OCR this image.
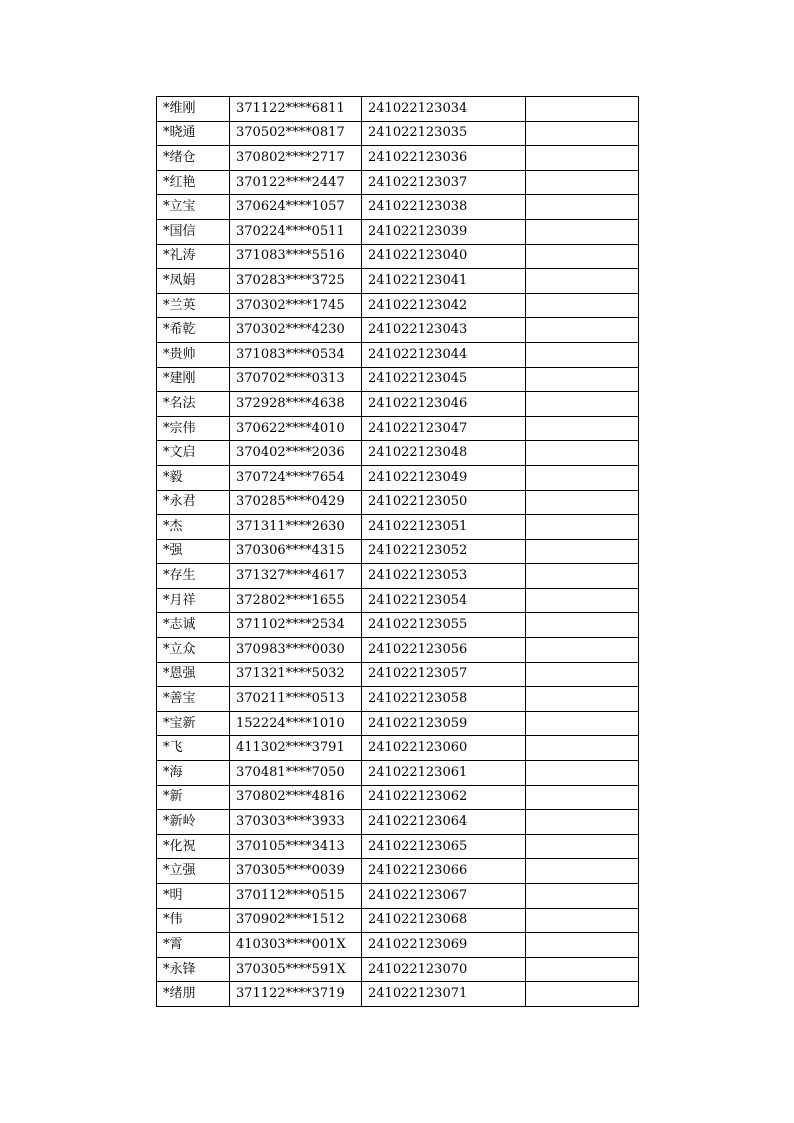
*维刚	371122****6811	241022123034	
*晓通	370502****0817	241022123035	
*绪仓	370802****2717	241022123036	
*红艳	370122****2447	241022123037	
*立宝	370624****1057	241022123038	
*国信	370224****0511	241022123039	
*礼涛	371083****5516	241022123040	
*凤娟	370283****3725	241022123041	
*兰英	370302****1745	241022123042	
*希乾	370302****4230	241022123043	
*贵帅	371083****0534	241022123044	
*建刚	370702****0313	241022123045	
*名法	372928****4638	241022123046	
*宗伟	370622****4010	241022123047	
*文启	370402****2036	241022123048	
*毅	370724****7654	241022123049	
*永君	370285****0429	241022123050	
*杰	371311****2630	241022123051	
*强	370306****4315	241022123052	
*存生	371327****4617	241022123053	
*月祥	372802****1655	241022123054	
*志诚	371102****2534	241022123055	
*立众	370983****0030	241022123056	
*恩强	371321****5032	241022123057	
*善宝	370211****0513	241022123058	
*宝新	152224****1010	241022123059	
*飞	411302****3791	241022123060	
*海	370481****7050	241022123061	
*新	370802****4816	241022123062	
*新岭	370303****3933	241022123064	
*化祝	370105****3413	241022123065	
*立强	370305****0039	241022123066	
*明	370112****0515	241022123067	
*伟	370902****1512	241022123068	
*霄	410303****001X	241022123069	
*永锋	370305****591X	241022123070	
*绪朋	371122****3719	241022123071	
